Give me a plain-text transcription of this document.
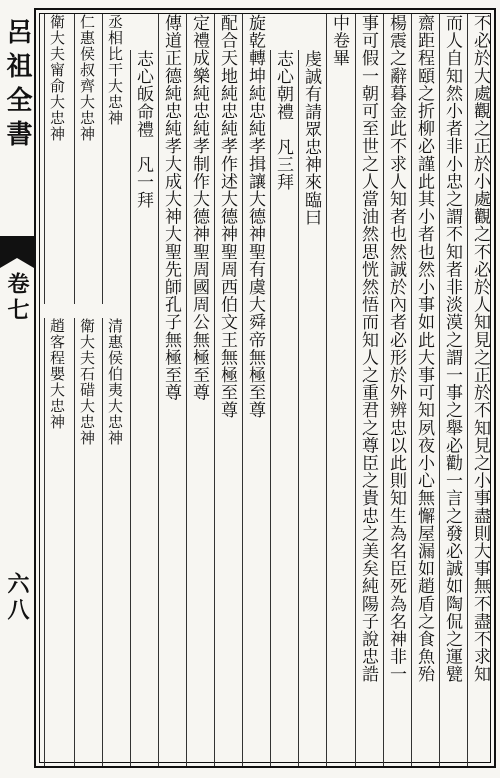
呂祖全書
卷七
六八	不必於大處觀之正於小處觀之不必於人知見之正於不知見之小事盡則大事無不盡不求知
而人自知然小者非小忠之謂不知者非淡漠之謂一事之舉必勸一言之發必誠如陶侃之運甓
齋距程頤之折柳必謹此其小者也然小事如此大事可知夙夜小心無懈屋漏如趙盾之食魚殆
楊震之辭暮金此不求人知者也然誠於內者必形於外辨忠以此則知生為名臣死為名神非一
事可假一朝可至世之人當油然思恍然悟而知人之重君之尊臣之貴忠之美矣純陽子說忠誥
中卷畢
虔誠有請眾忠神來臨曰
志心朝禮　凡三拜
旋乾轉坤純忠純孝揖讓大德神聖有虞大舜帝無極至尊
配合天地純忠純孝作述大德神聖周西伯文王無極至尊
定禮成樂純忠純孝制作大德神聖周國周公無極至尊
傳道正德純忠純孝大成大神大聖先師孔子無極至尊
志心皈命禮　凡一拜
清惠侯伯夷大忠神
丞相比干大忠神
衛大夫石碏大忠神
仁惠侯叔齊大忠神
趙客程嬰大忠神
衛大夫甯俞大忠神
